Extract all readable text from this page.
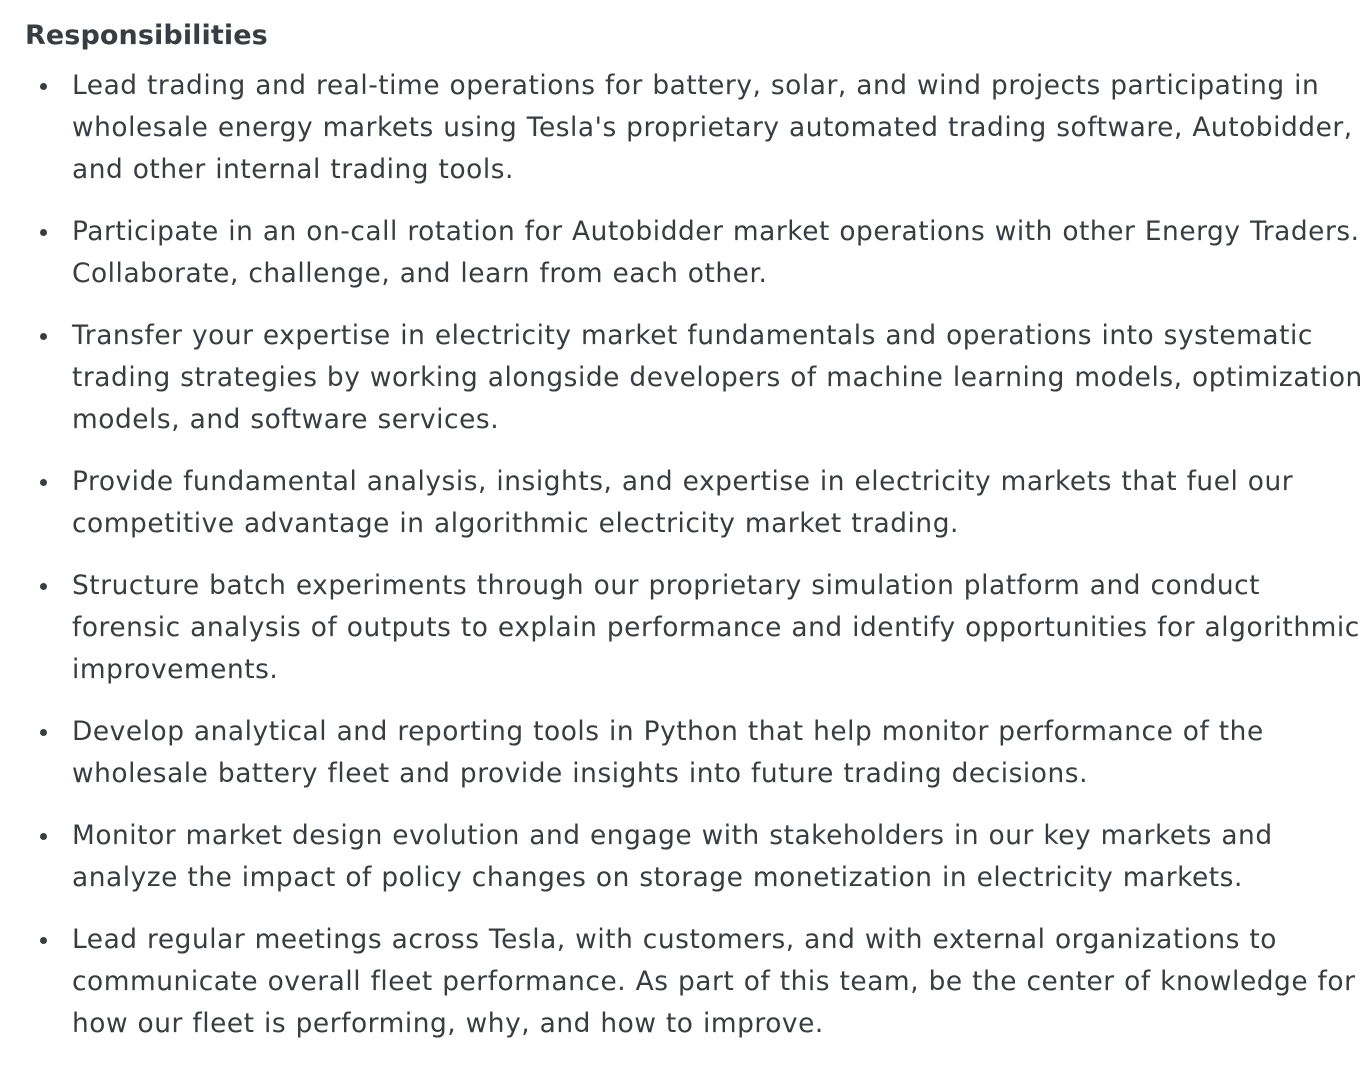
Responsibilities
Lead trading and real-time operations for battery, solar, and wind projects participating in wholesale energy markets using Tesla's proprietary automated trading software, Autobidder, and other internal trading tools.
Participate in an on-call rotation for Autobidder market operations with other Energy Traders. Collaborate, challenge, and learn from each other.
Transfer your expertise in electricity market fundamentals and operations into systematic trading strategies by working alongside developers of machine learning models, optimization models, and software services.
Provide fundamental analysis, insights, and expertise in electricity markets that fuel our competitive advantage in algorithmic electricity market trading.
Structure batch experiments through our proprietary simulation platform and conduct forensic analysis of outputs to explain performance and identify opportunities for algorithmic improvements.
Develop analytical and reporting tools in Python that help monitor performance of the wholesale battery fleet and provide insights into future trading decisions.
Monitor market design evolution and engage with stakeholders in our key markets and analyze the impact of policy changes on storage monetization in electricity markets.
Lead regular meetings across Tesla, with customers, and with external organizations to communicate overall fleet performance. As part of this team, be the center of knowledge for how our fleet is performing, why, and how to improve.
